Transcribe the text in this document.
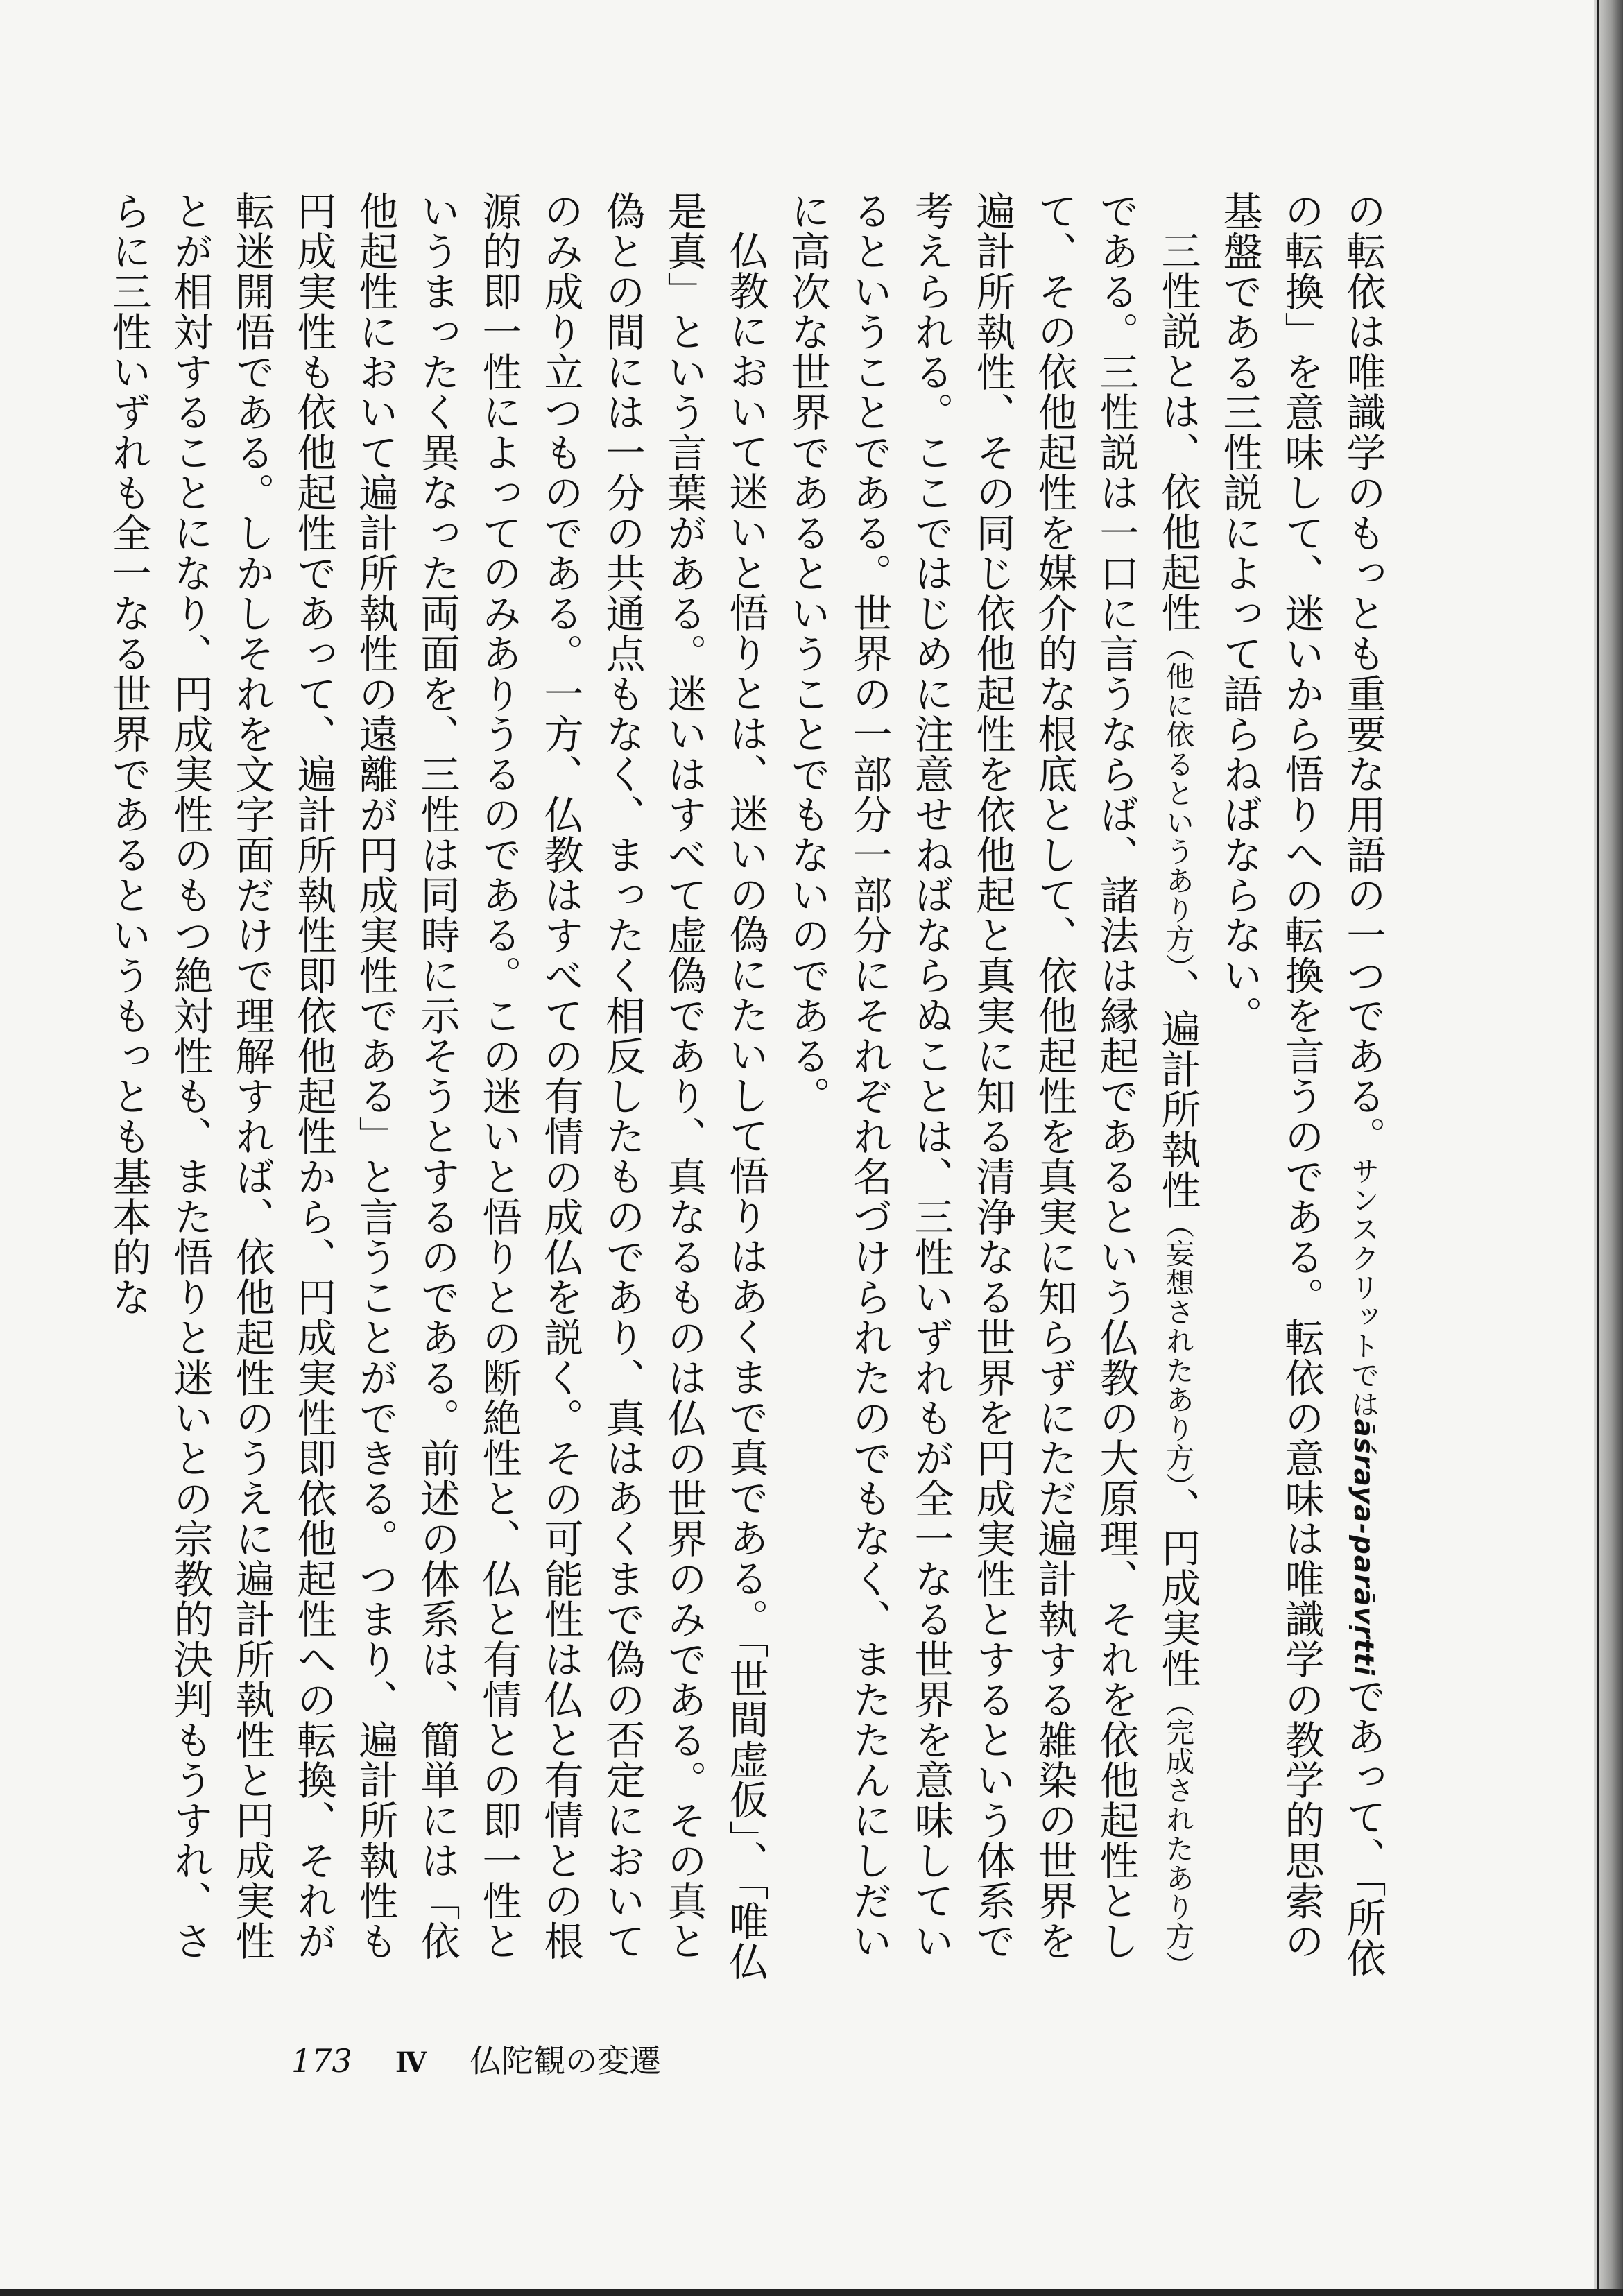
の転依は唯識学のもっとも重要な用語の一つである。サンスクリットではāśraya-parāvṛttiであって、「所依の転換」を意味して、迷いから悟りへの転換を言うのである。転依の意味は唯識学の教学的思索の基盤である三性説によって語らねばならない。

三性説とは、依他起性（他に依るというあり方）、遍計所執性（妄想されたあり方）、円成実性（完成されたあり方）である。三性説は一口に言うならば、諸法は縁起であるという仏教の大原理、それを依他起性として、その依他起性を媒介的な根底として、依他起性を真実に知らずにただ遍計執する雑染の世界を遍計所執性、その同じ依他起性を依他起と真実に知る清浄なる世界を円成実性とするという体系で考えられる。ここではじめに注意せねばならぬことは、三性いずれもが全一なる世界を意味しているということである。世界の一部分一部分にそれぞれ名づけられたのでもなく、またたんにしだいに高次な世界であるということでもないのである。

仏教において迷いと悟りとは、迷いの偽にたいして悟りはあくまで真である。「世間虚仮」、「唯仏是真」という言葉がある。迷いはすべて虚偽であり、真なるものは仏の世界のみである。その真と偽との間には一分の共通点もなく、まったく相反したものであり、真はあくまで偽の否定においてのみ成り立つものである。一方、仏教はすべての有情の成仏を説く。その可能性は仏と有情との根源的即一性によってのみありうるのである。この迷いと悟りとの断絶性と、仏と有情との即一性というまったく異なった両面を、三性は同時に示そうとするのである。前述の体系は、簡単には「依他起性において遍計所執性の遠離が円成実性である」と言うことができる。つまり、遍計所執性も円成実性も依他起性であって、遍計所執性即依他起性から、円成実性即依他起性への転換、それが転迷開悟である。しかしそれを文字面だけで理解すれば、依他起性のうえに遍計所執性と円成実性とが相対することになり、円成実性のもつ絶対性も、また悟りと迷いとの宗教的決判もうすれ、さらに三性いずれも全一なる世界であるというもっとも基本的な

173 Ⅳ 仏陀観の変遷
